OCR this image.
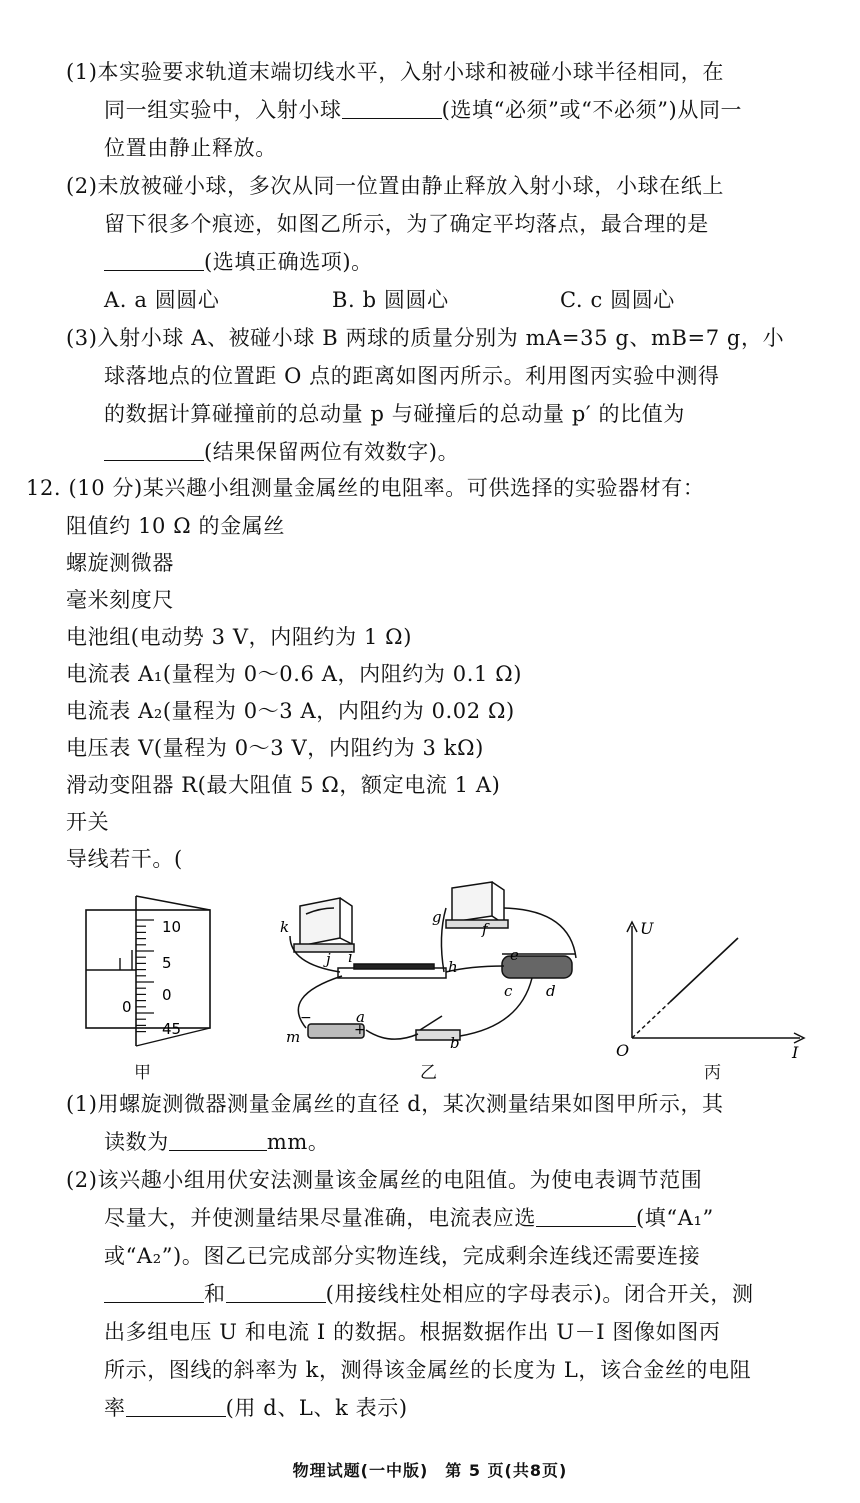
(1)本实验要求轨道末端切线水平，入射小球和被碰小球半径相同，在
同一组实验中，入射小球	(选填“必须”或“不必须”)从同一
位置由静止释放。
(2)未放被碰小球，多次从同一位置由静止释放入射小球，小球在纸上
留下很多个痕迹，如图乙所示，为了确定平均落点，最合理的是
(选填正确选项)。
A. a 圆圆心	B. b 圆圆心	C. c 圆圆心
(3)入射小球 A、被碰小球 B 两球的质量分别为 mA=35 g、mB=7 g，小
球落地点的位置距 O 点的距离如图丙所示。利用图丙实验中测得
的数据计算碰撞前的总动量 p 与碰撞后的总动量 p′ 的比值为
(结果保留两位有效数字)。
12. (10 分)某兴趣小组测量金属丝的电阻率。可供选择的实验器材有：
阻值约 10 Ω 的金属丝
螺旋测微器
毫米刻度尺
电池组(电动势 3 V，内阻约为 1 Ω)
电流表 A₁(量程为 0～0.6 A，内阻约为 0.1 Ω)
电流表 A₂(量程为 0～3 A，内阻约为 0.02 Ω)
电压表 V(量程为 0～3 V，内阻约为 3 kΩ)
滑动变阻器 R(最大阻值 5 Ω，额定电流 1 A)
开关
导线若干。(
10
5
0
45
0
甲
k
j
g
f
i
h
e
c d
m
a
b
−
+
乙
U
I
O
丙
(1)用螺旋测微器测量金属丝的直径 d，某次测量结果如图甲所示，其
读数为	mm。
(2)该兴趣小组用伏安法测量该金属丝的电阻值。为使电表调节范围
尽量大，并使测量结果尽量准确，电流表应选	(填“A₁”
或“A₂”)。图乙已完成部分实物连线，完成剩余连线还需要连接
和	(用接线柱处相应的字母表示)。闭合开关，测
出多组电压 U 和电流 I 的数据。根据数据作出 U－I 图像如图丙
所示，图线的斜率为 k，测得该金属丝的长度为 L，该合金丝的电阻
率	(用 d、L、k 表示)
物理试题(一中版)　第 5 页(共8页)
